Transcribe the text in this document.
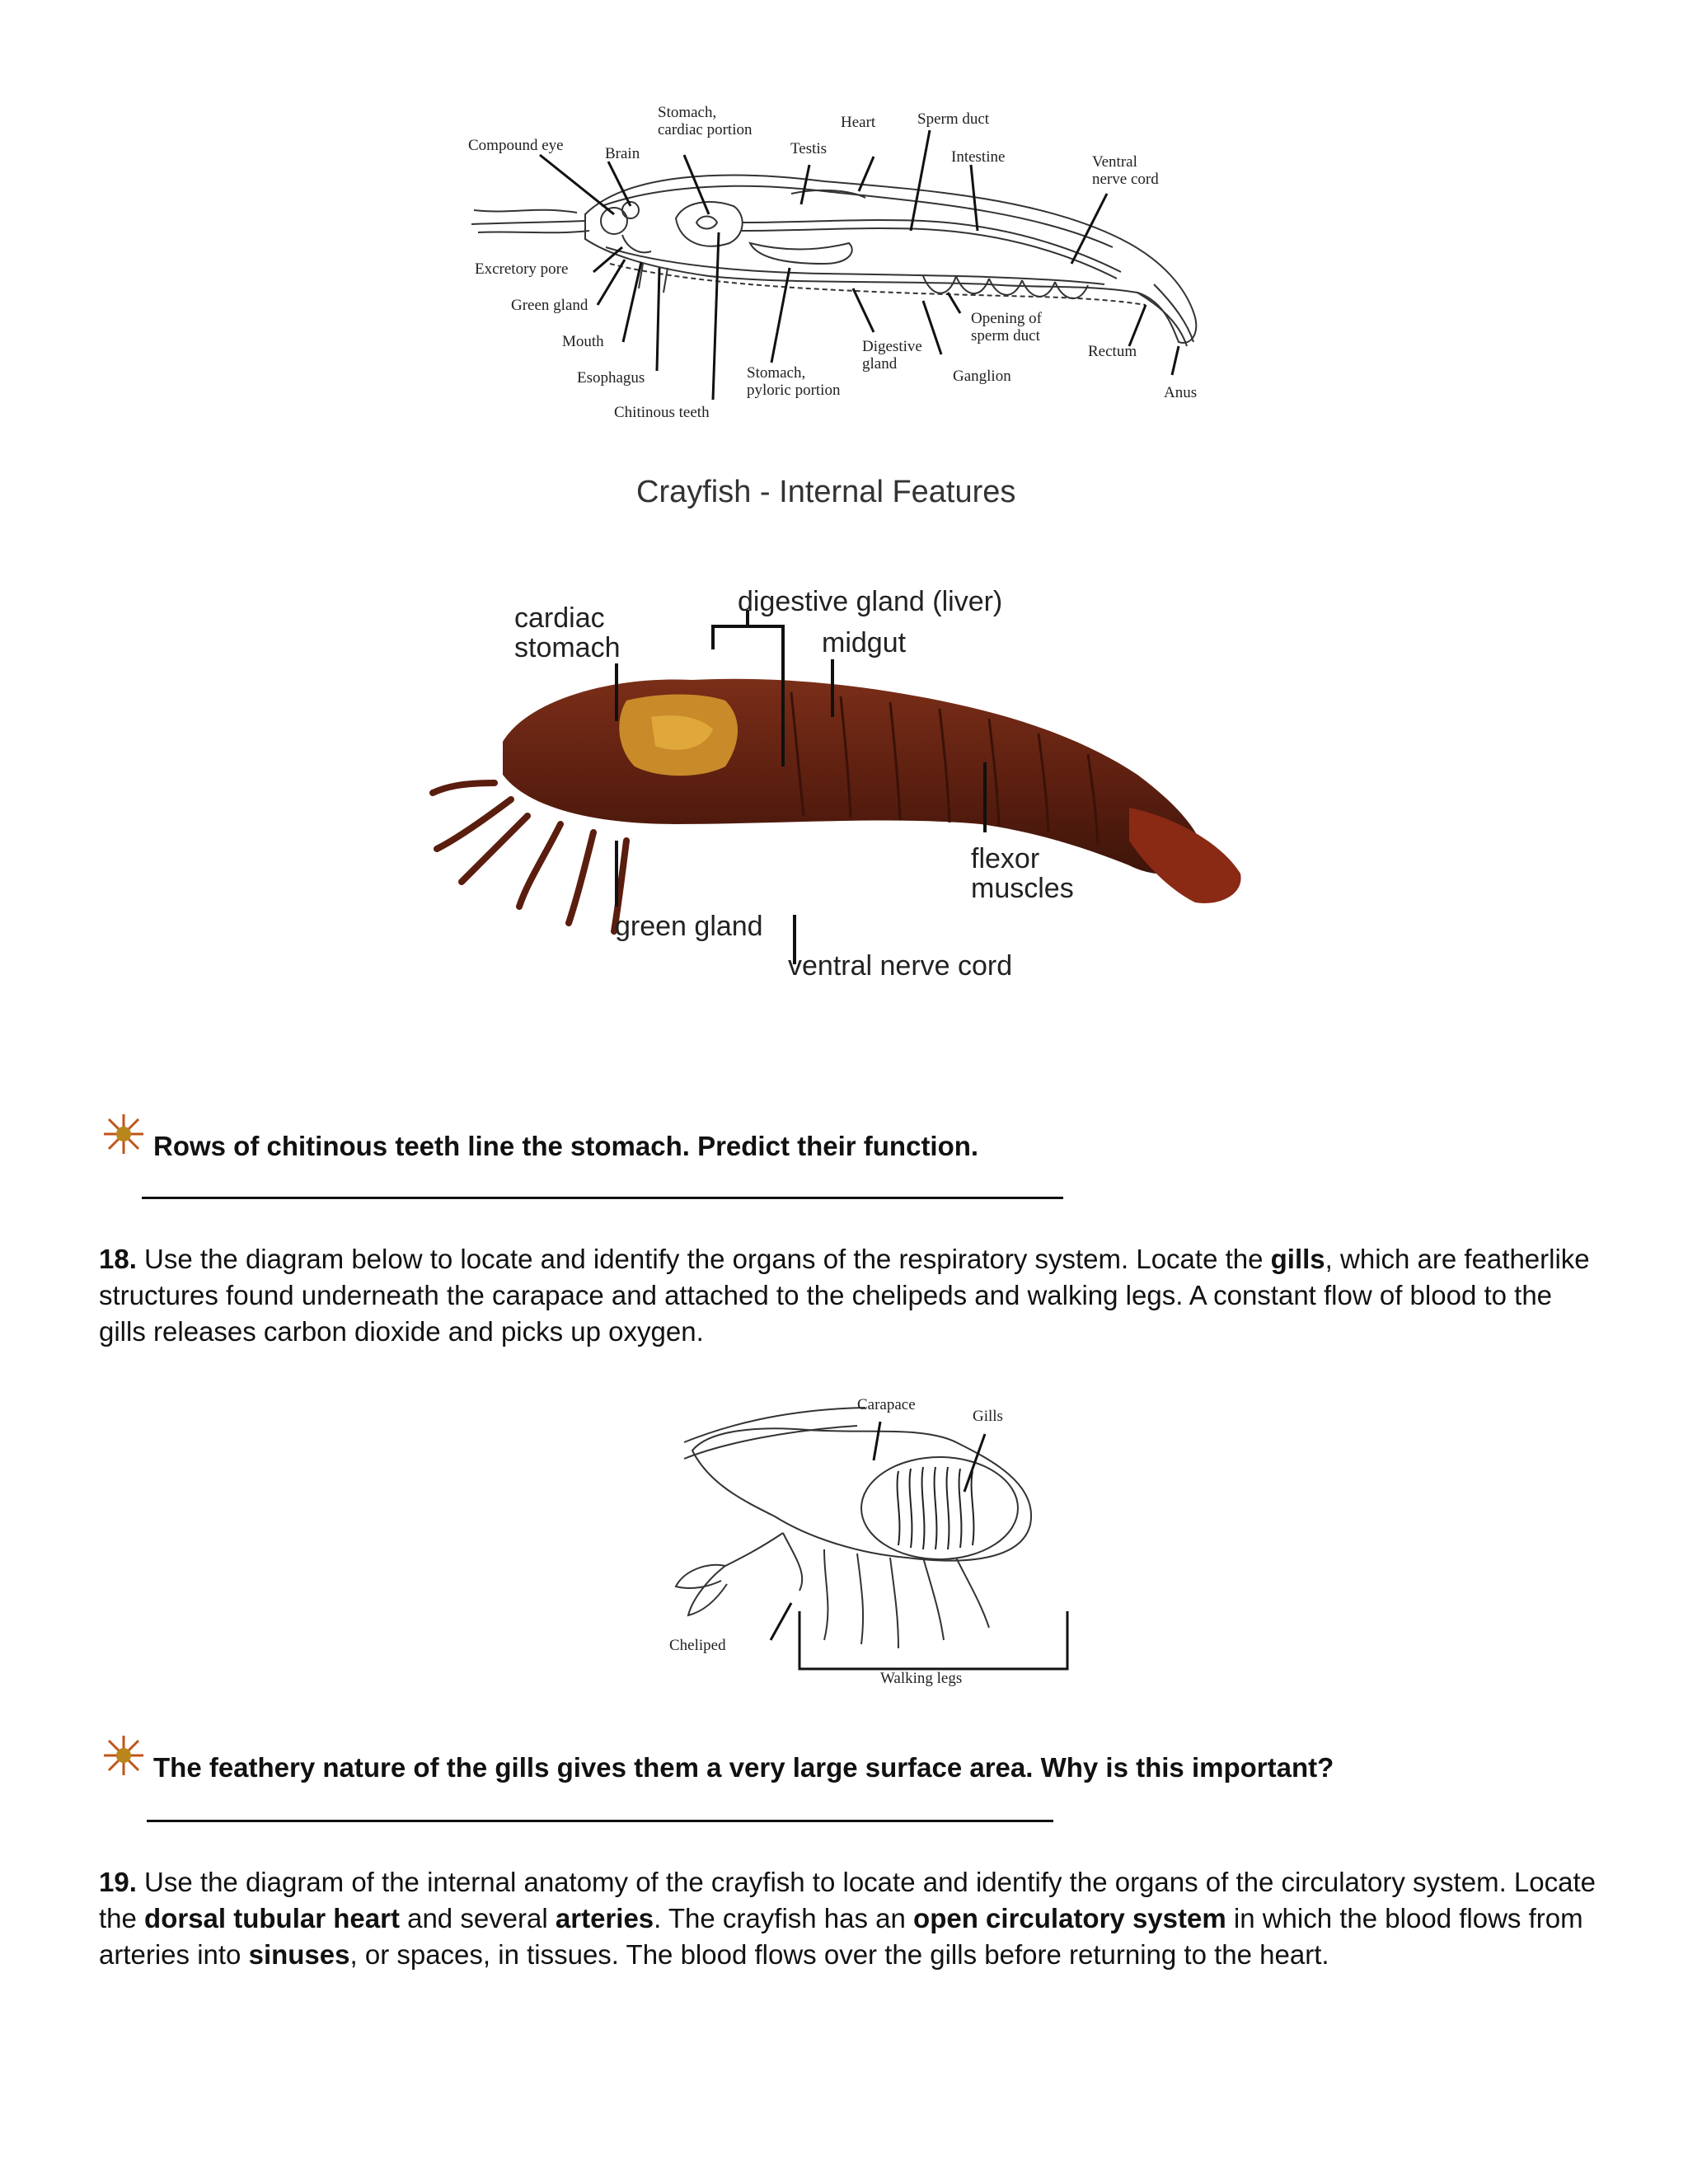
Compound eye	Brain
Stomach,
cardiac portion
Testis
Heart	Sperm duct
Intestine	Ventral
nerve cord
Excretory pore
Green gland
Mouth
Esophagus
Chitinous teeth
Stomach,
pyloric portion
Digestive
gland
Opening of
sperm duct
Ganglion
Rectum
Anus
Crayfish - Internal Features
cardiac
stomach
digestive gland (liver)
midgut
flexor
muscles
green gland
ventral nerve cord
Rows of chitinous teeth line the stomach. Predict their function.
18. Use the diagram below to locate and identify the organs of the respiratory system. Locate the gills, which are featherlike structures found underneath the carapace and attached to the chelipeds and walking legs. A constant flow of blood to the gills releases carbon dioxide and picks up oxygen.
Carapace
Gills
Cheliped
Walking legs
The feathery nature of the gills gives them a very large surface area. Why is this important?
19. Use the diagram of the internal anatomy of the crayfish to locate and identify the organs of the circulatory system. Locate the dorsal tubular heart and several arteries. The crayfish has an open circulatory system in which the blood flows from arteries into sinuses, or spaces, in tissues. The blood flows over the gills before returning to the heart.
